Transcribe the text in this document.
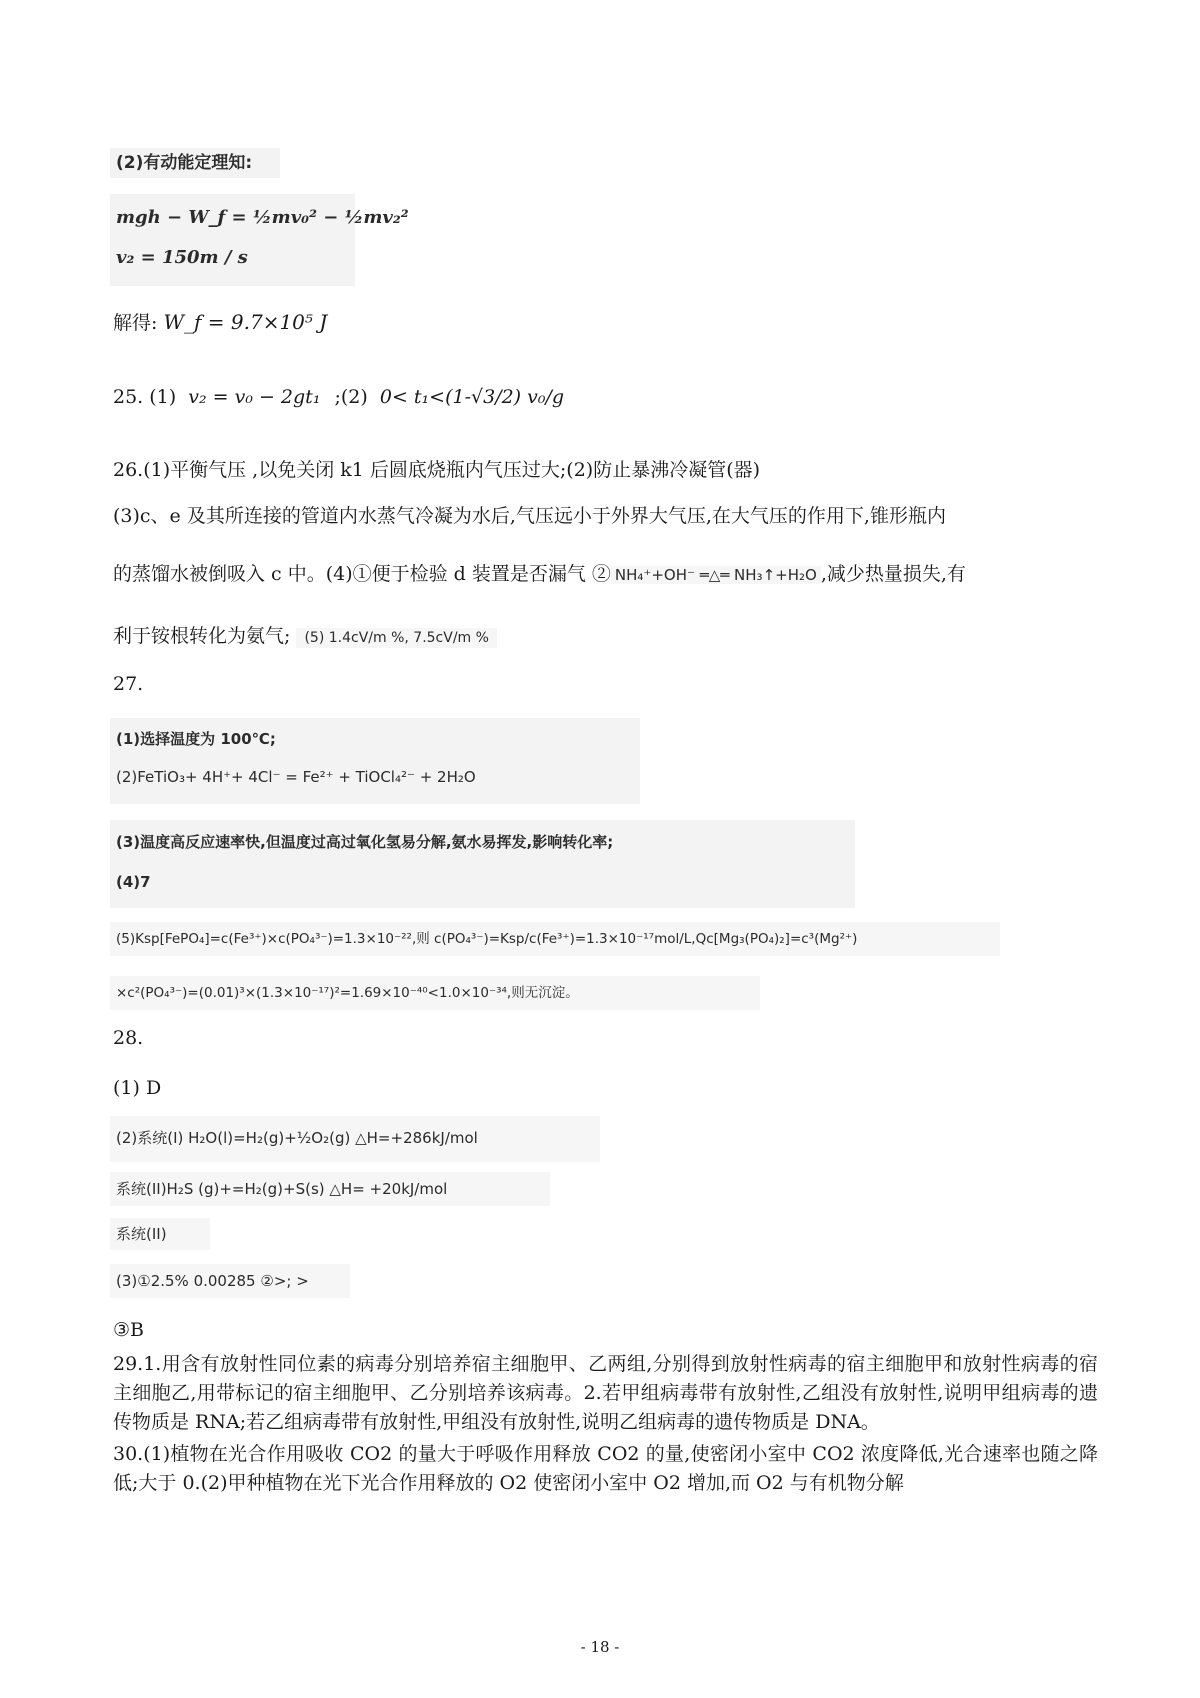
(2)有动能定理知:
mgh − W_f = ½mv₀² − ½mv₂²
v₂ = 150m / s
解得: W_f = 9.7×10⁵ J
25. (1) v₂ = v₀ − 2gt₁ ;(2) 0< t₁<(1-√3/2) v₀/g
26.(1)平衡气压 ,以免关闭 k1 后圆底烧瓶内气压过大;(2)防止暴沸冷凝管(器)
(3)c、e 及其所连接的管道内水蒸气冷凝为水后,气压远小于外界大气压,在大气压的作用下,锥形瓶内
的蒸馏水被倒吸入 c 中。(4)①便于检验 d 装置是否漏气 ② NH₄⁺+OH⁻ ═△═ NH₃↑+H₂O ,减少热量损失,有
利于铵根转化为氨气; (5) 1.4cV/m %, 7.5cV/m %
27.
(1)选择温度为 100℃;
(2)FeTiO₃+ 4H⁺+ 4Cl⁻ = Fe²⁺ + TiOCl₄²⁻ + 2H₂O
(3)温度高反应速率快,但温度过高过氧化氢易分解,氨水易挥发,影响转化率;
(4)7
(5)Ksp[FePO₄]=c(Fe³⁺)×c(PO₄³⁻)=1.3×10⁻²²,则 c(PO₄³⁻)=Ksp/c(Fe³⁺)=1.3×10⁻¹⁷mol/L,Qc[Mg₃(PO₄)₂]=c³(Mg²⁺)
×c²(PO₄³⁻)=(0.01)³×(1.3×10⁻¹⁷)²=1.69×10⁻⁴⁰<1.0×10⁻³⁴,则无沉淀。
28.
(1) D
(2)系统(I) H₂O(l)=H₂(g)+½O₂(g) △H=+286kJ/mol
系统(II)H₂S (g)+=H₂(g)+S(s) △H= +20kJ/mol
系统(II)
(3)①2.5% 0.00285 ②>; >
③B
29.1.用含有放射性同位素的病毒分别培养宿主细胞甲、乙两组,分别得到放射性病毒的宿主细胞甲和放射性病毒的宿主细胞乙,用带标记的宿主细胞甲、乙分别培养该病毒。2.若甲组病毒带有放射性,乙组没有放射性,说明甲组病毒的遗传物质是 RNA;若乙组病毒带有放射性,甲组没有放射性,说明乙组病毒的遗传物质是 DNA。
30.(1)植物在光合作用吸收 CO2 的量大于呼吸作用释放 CO2 的量,使密闭小室中 CO2 浓度降低,光合速率也随之降低;大于 0.(2)甲种植物在光下光合作用释放的 O2 使密闭小室中 O2 增加,而 O2 与有机物分解
- 18 -
